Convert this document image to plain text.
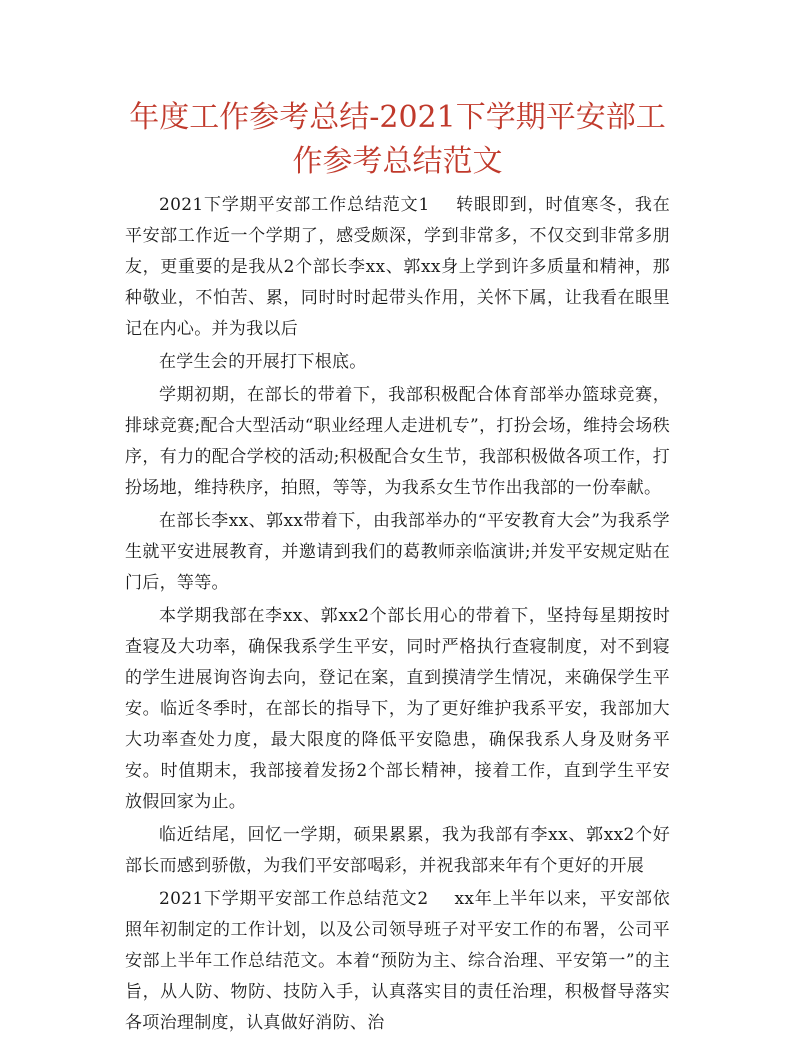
年度工作参考总结-2021下学期平安部工作参考总结范文

2021下学期平安部工作总结范文1 转眼即到，时值寒冬，我在平安部工作近一个学期了，感受颇深，学到非常多，不仅交到非常多朋友，更重要的是我从2个部长李xx、郭xx身上学到许多质量和精神，那种敬业，不怕苦、累，同时时时起带头作用，关怀下属，让我看在眼里记在内心。并为我以后

在学生会的开展打下根底。

学期初期，在部长的带着下，我部积极配合体育部举办篮球竞赛，排球竞赛;配合大型活动“职业经理人走进机专”，打扮会场，维持会场秩序，有力的配合学校的活动;积极配合女生节，我部积极做各项工作，打扮场地，维持秩序，拍照，等等，为我系女生节作出我部的一份奉献。

在部长李xx、郭xx带着下，由我部举办的“平安教育大会”为我系学生就平安进展教育，并邀请到我们的葛教师亲临演讲;并发平安规定贴在门后，等等。

本学期我部在李xx、郭xx2个部长用心的带着下，坚持每星期按时查寝及大功率，确保我系学生平安，同时严格执行查寝制度，对不到寝的学生进展询咨询去向，登记在案，直到摸清学生情况，来确保学生平安。临近冬季时，在部长的指导下，为了更好维护我系平安，我部加大大功率查处力度，最大限度的降低平安隐患，确保我系人身及财务平安。时值期末，我部接着发扬2个部长精神，接着工作，直到学生平安放假回家为止。

临近结尾，回忆一学期，硕果累累，我为我部有李xx、郭xx2个好部长而感到骄傲，为我们平安部喝彩，并祝我部来年有个更好的开展

2021下学期平安部工作总结范文2 xx年上半年以来，平安部依照年初制定的工作计划，以及公司领导班子对平安工作的布署，公司平安部上半年工作总结范文。本着“预防为主、综合治理、平安第一”的主旨，从人防、物防、技防入手，认真落实目的责任治理，积极督导落实各项治理制度，认真做好消防、治
